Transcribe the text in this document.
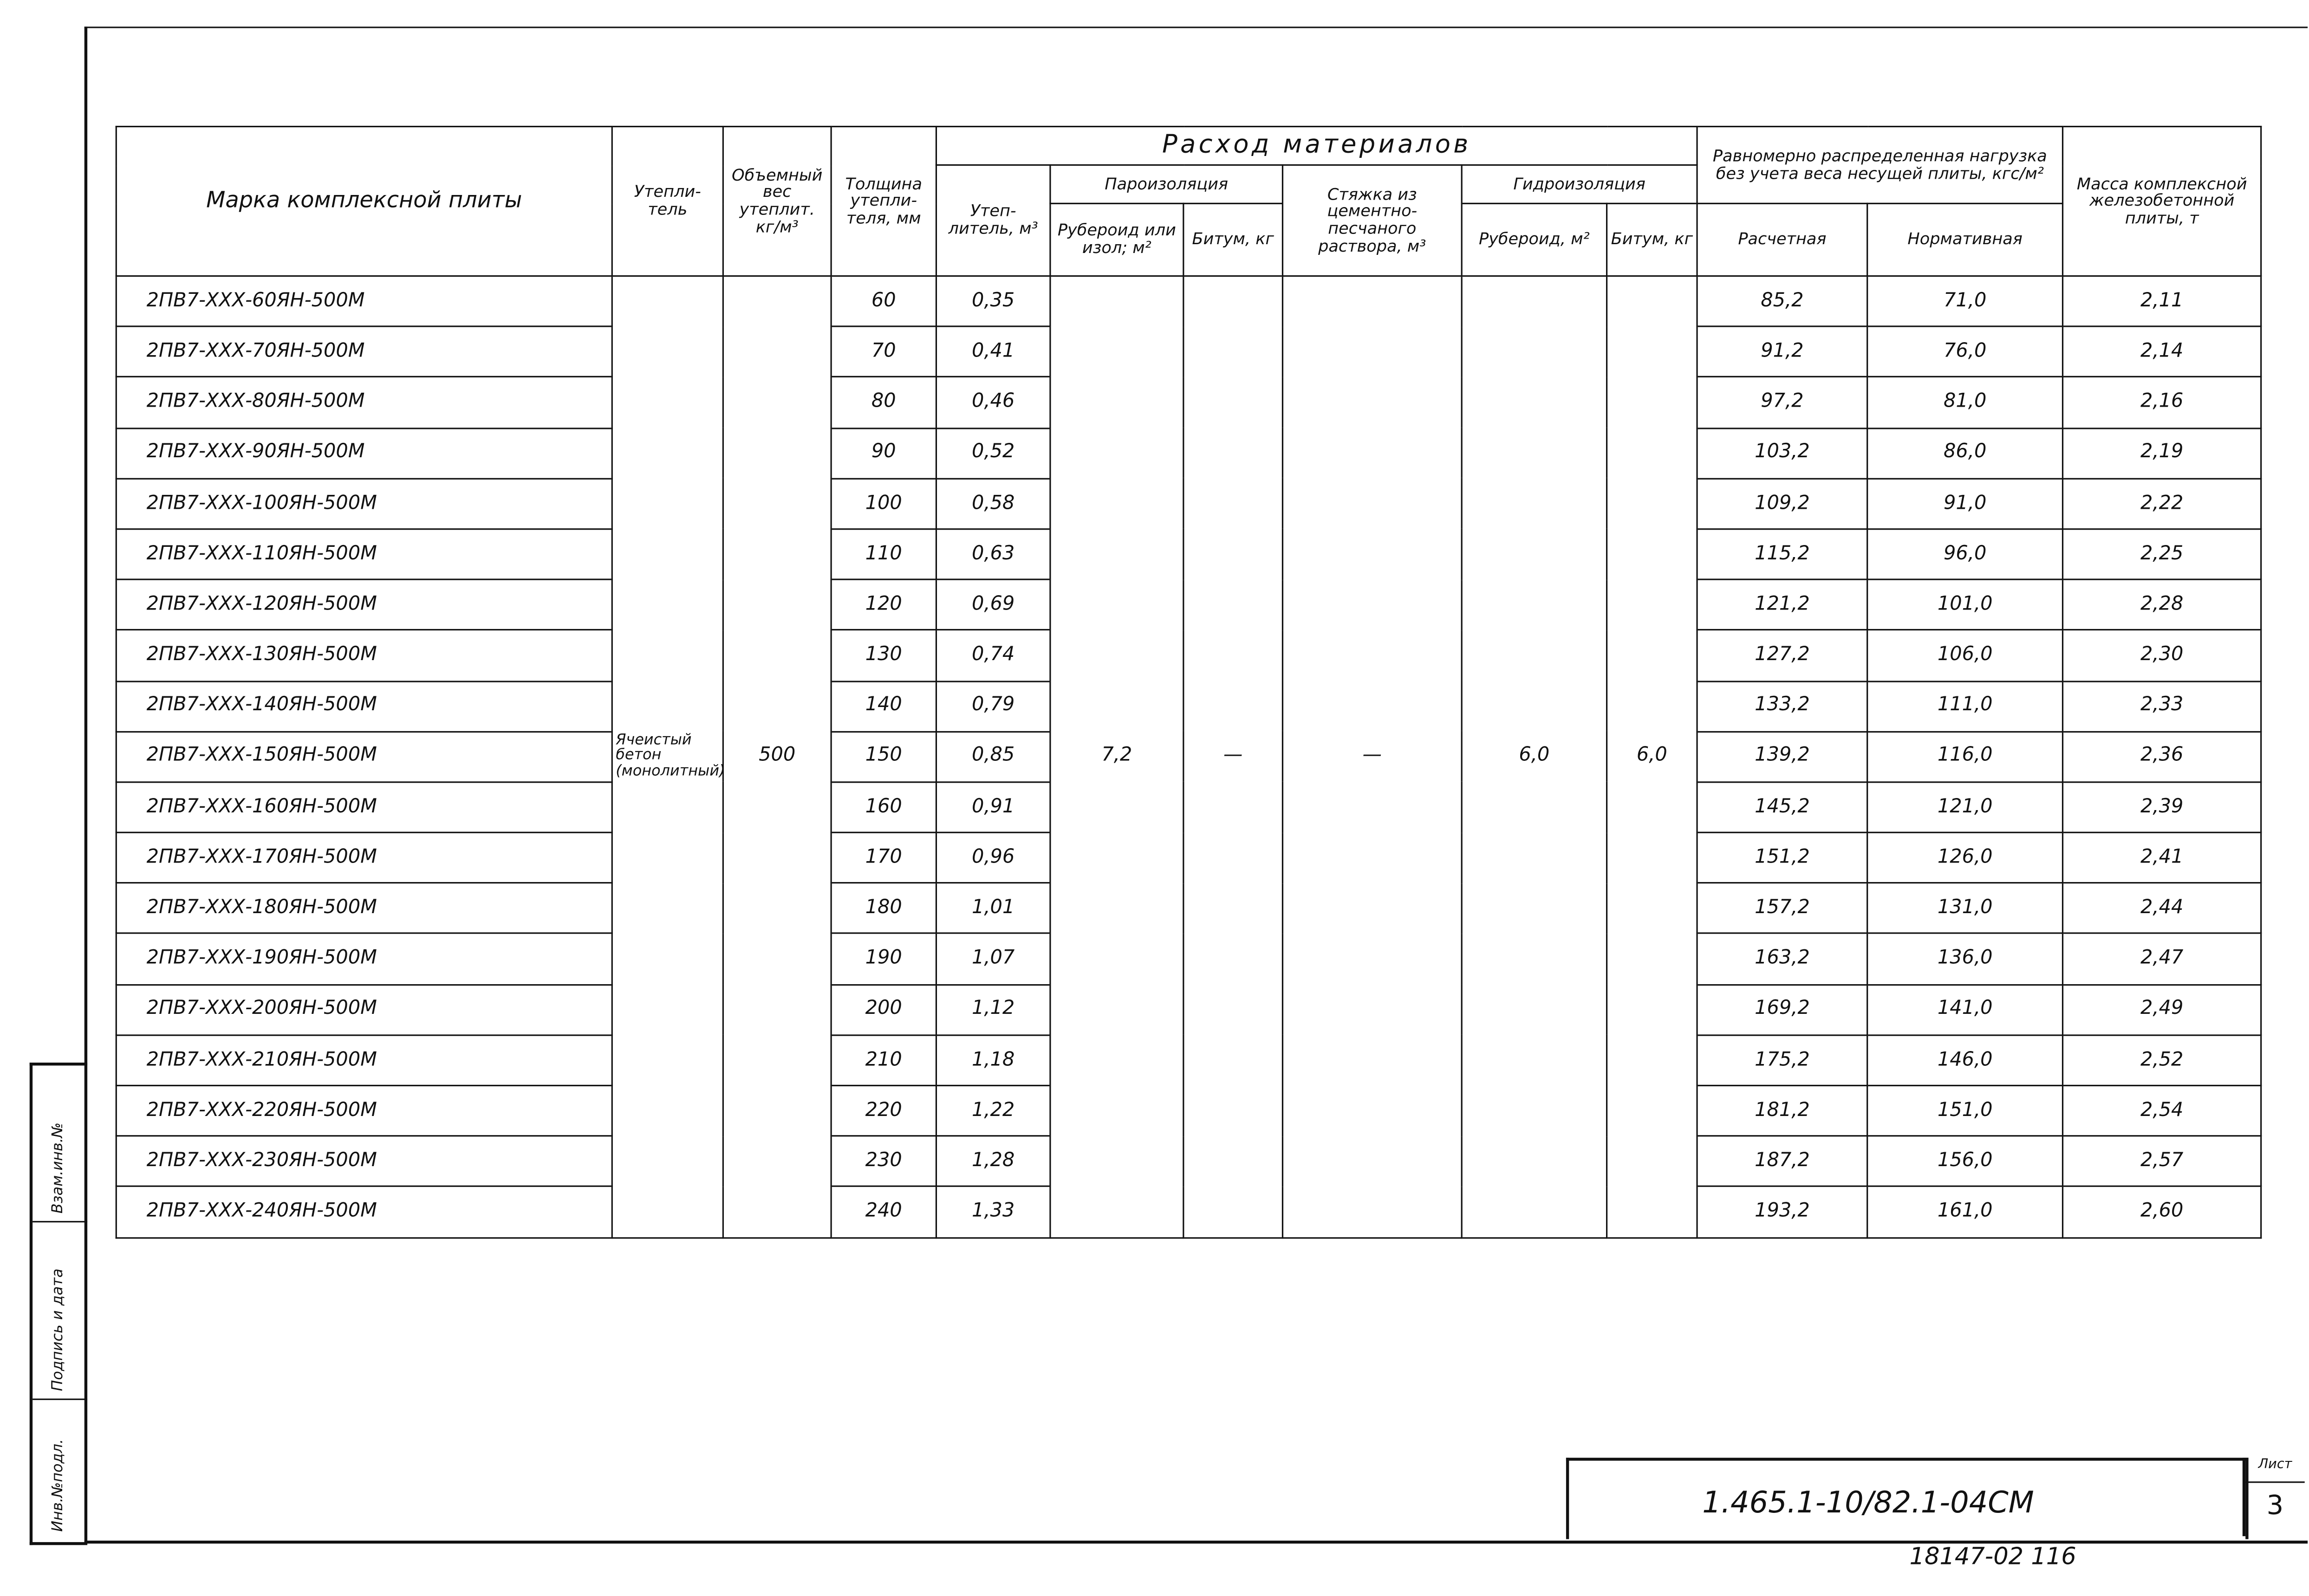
Взам.инв.№
Подпись и дата
Инв.№подл.
Марка комплексной плиты	Утепли-тель	Объемный вес утеплит. кг/м³	Толщина утепли-теля, мм	Расход материалов						Равномерно распределенная нагрузка без учета веса несущей плиты, кгс/м²		Масса комплексной железобетонной плиты, т
				Утеп-литель, м³	Пароизоляция		Стяжка из цементно-песчаного раствора, м³	Гидроизоляция				
					Рубероид или изол; м²	Битум, кг		Рубероид, м²	Битум, кг	Расчетная	Нормативная	
2ПВ7-ХХХ-60ЯН-500М	Ячеистый бетон (монолитный)	500	60	0,35	7,2	—	—	6,0	6,0	85,2	71,0	2,11
2ПВ7-ХХХ-70ЯН-500М			70	0,41						91,2	76,0	2,14
2ПВ7-ХХХ-80ЯН-500М			80	0,46						97,2	81,0	2,16
2ПВ7-ХХХ-90ЯН-500М			90	0,52						103,2	86,0	2,19
2ПВ7-ХХХ-100ЯН-500М			100	0,58						109,2	91,0	2,22
2ПВ7-ХХХ-110ЯН-500М			110	0,63						115,2	96,0	2,25
2ПВ7-ХХХ-120ЯН-500М			120	0,69						121,2	101,0	2,28
2ПВ7-ХХХ-130ЯН-500М			130	0,74						127,2	106,0	2,30
2ПВ7-ХХХ-140ЯН-500М			140	0,79						133,2	111,0	2,33
2ПВ7-ХХХ-150ЯН-500М			150	0,85						139,2	116,0	2,36
2ПВ7-ХХХ-160ЯН-500М			160	0,91						145,2	121,0	2,39
2ПВ7-ХХХ-170ЯН-500М			170	0,96						151,2	126,0	2,41
2ПВ7-ХХХ-180ЯН-500М			180	1,01						157,2	131,0	2,44
2ПВ7-ХХХ-190ЯН-500М			190	1,07						163,2	136,0	2,47
2ПВ7-ХХХ-200ЯН-500М			200	1,12						169,2	141,0	2,49
2ПВ7-ХХХ-210ЯН-500М			210	1,18						175,2	146,0	2,52
2ПВ7-ХХХ-220ЯН-500М			220	1,22						181,2	151,0	2,54
2ПВ7-ХХХ-230ЯН-500М			230	1,28						187,2	156,0	2,57
2ПВ7-ХХХ-240ЯН-500М			240	1,33						193,2	161,0	2,60
1.465.1-10/82.1-04СМ
Лист
3
18147-02 116
